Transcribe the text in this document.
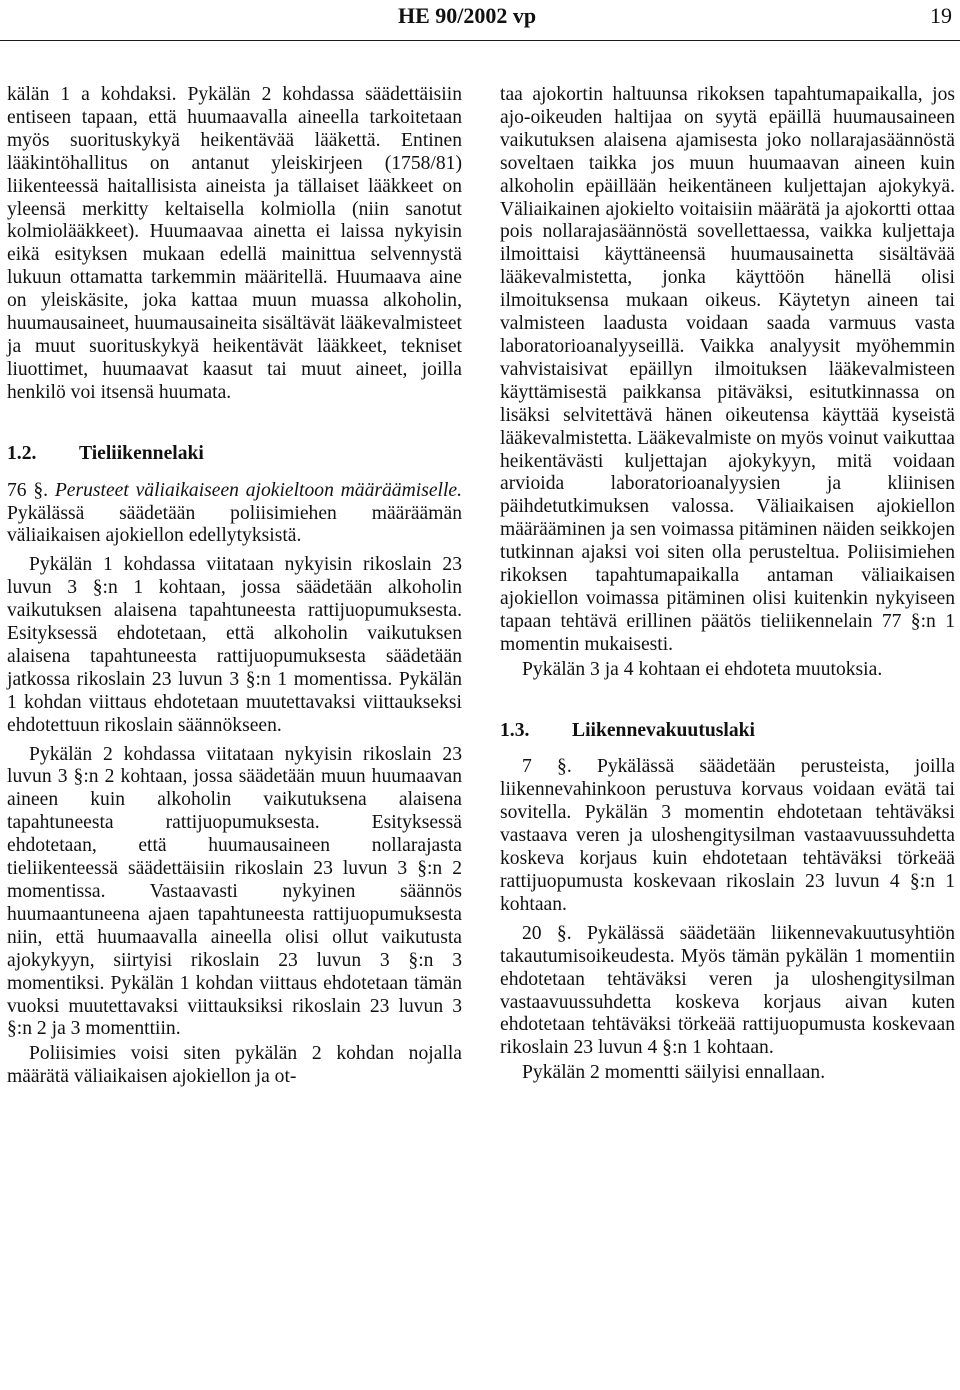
HE 90/2002 vp	19

kälän 1 a kohdaksi. Pykälän 2 kohdassa säädettäisiin entiseen tapaan, että huumaavalla aineella tarkoitetaan myös suorituskykyä heikentävää lääkettä. Entinen lääkintöhallitus on antanut yleiskirjeen (1758/81) liikenteessä haitallisista aineista ja tällaiset lääkkeet on yleensä merkitty keltaisella kolmiolla (niin sanotut kolmiolääkkeet). Huumaavaa ainetta ei laissa nykyisin eikä esityksen mukaan edellä mainittua selvennystä lukuun ottamatta tarkemmin määritellä. Huumaava aine on yleiskäsite, joka kattaa muun muassa alkoholin, huumausaineet, huumausaineita sisältävät lääkevalmisteet ja muut suorituskykyä heikentävät lääkkeet, tekniset liuottimet, huumaavat kaasut tai muut aineet, joilla henkilö voi itsensä huumata.

1.2. Tieliikennelaki

76 §. Perusteet väliaikaiseen ajokieltoon määräämiselle. Pykälässä säädetään poliisimiehen määräämän väliaikaisen ajokiellon edellytyksistä.

Pykälän 1 kohdassa viitataan nykyisin rikoslain 23 luvun 3 §:n 1 kohtaan, jossa säädetään alkoholin vaikutuksen alaisena tapahtuneesta rattijuopumuksesta. Esityksessä ehdotetaan, että alkoholin vaikutuksen alaisena tapahtuneesta rattijuopumuksesta säädetään jatkossa rikoslain 23 luvun 3 §:n 1 momentissa. Pykälän 1 kohdan viittaus ehdotetaan muutettavaksi viittaukseksi ehdotettuun rikoslain säännökseen.

Pykälän 2 kohdassa viitataan nykyisin rikoslain 23 luvun 3 §:n 2 kohtaan, jossa säädetään muun huumaavan aineen kuin alkoholin vaikutuksena alaisena tapahtuneesta rattijuopumuksesta. Esityksessä ehdotetaan, että huumausaineen nollarajasta tieliikenteessä säädettäisiin rikoslain 23 luvun 3 §:n 2 momentissa. Vastaavasti nykyinen säännös huumaantuneena ajaen tapahtuneesta rattijuopumuksesta niin, että huumaavalla aineella olisi ollut vaikutusta ajokykyyn, siirtyisi rikoslain 23 luvun 3 §:n 3 momentiksi. Pykälän 1 kohdan viittaus ehdotetaan tämän vuoksi muutettavaksi viittauksiksi rikoslain 23 luvun 3 §:n 2 ja 3 momenttiin.

Poliisimies voisi siten pykälän 2 kohdan nojalla määrätä väliaikaisen ajokiellon ja ot-

taa ajokortin haltuunsa rikoksen tapahtumapaikalla, jos ajo-oikeuden haltijaa on syytä epäillä huumausaineen vaikutuksen alaisena ajamisesta joko nollarajasäännöstä soveltaen taikka jos muun huumaavan aineen kuin alkoholin epäillään heikentäneen kuljettajan ajokykyä. Väliaikainen ajokielto voitaisiin määrätä ja ajokortti ottaa pois nollarajasäännöstä sovellettaessa, vaikka kuljettaja ilmoittaisi käyttäneensä huumausainetta sisältävää lääkevalmistetta, jonka käyttöön hänellä olisi ilmoituksensa mukaan oikeus. Käytetyn aineen tai valmisteen laadusta voidaan saada varmuus vasta laboratorioanalyyseillä. Vaikka analyysit myöhemmin vahvistaisivat epäillyn ilmoituksen lääkevalmisteen käyttämisestä paikkansa pitäväksi, esitutkinnassa on lisäksi selvitettävä hänen oikeutensa käyttää kyseistä lääkevalmistetta. Lääkevalmiste on myös voinut vaikuttaa heikentävästi kuljettajan ajokykyyn, mitä voidaan arvioida laboratorioanalyysien ja kliinisen päihdetutkimuksen valossa. Väliaikaisen ajokiellon määrääminen ja sen voimassa pitäminen näiden seikkojen tutkinnan ajaksi voi siten olla perusteltua. Poliisimiehen rikoksen tapahtumapaikalla antaman väliaikaisen ajokiellon voimassa pitäminen olisi kuitenkin nykyiseen tapaan tehtävä erillinen päätös tieliikennelain 77 §:n 1 momentin mukaisesti.

Pykälän 3 ja 4 kohtaan ei ehdoteta muutoksia.

1.3. Liikennevakuutuslaki

7 §. Pykälässä säädetään perusteista, joilla liikennevahinkoon perustuva korvaus voidaan evätä tai sovitella. Pykälän 3 momentin ehdotetaan tehtäväksi vastaava veren ja uloshengitysilman vastaavuussuhdetta koskeva korjaus kuin ehdotetaan tehtäväksi törkeää rattijuopumusta koskevaan rikoslain 23 luvun 4 §:n 1 kohtaan.

20 §. Pykälässä säädetään liikennevakuutusyhtiön takautumisoikeudesta. Myös tämän pykälän 1 momentiin ehdotetaan tehtäväksi veren ja uloshengitysilman vastaavuussuhdetta koskeva korjaus aivan kuten ehdotetaan tehtäväksi törkeää rattijuopumusta koskevaan rikoslain 23 luvun 4 §:n 1 kohtaan.

Pykälän 2 momentti säilyisi ennallaan.
